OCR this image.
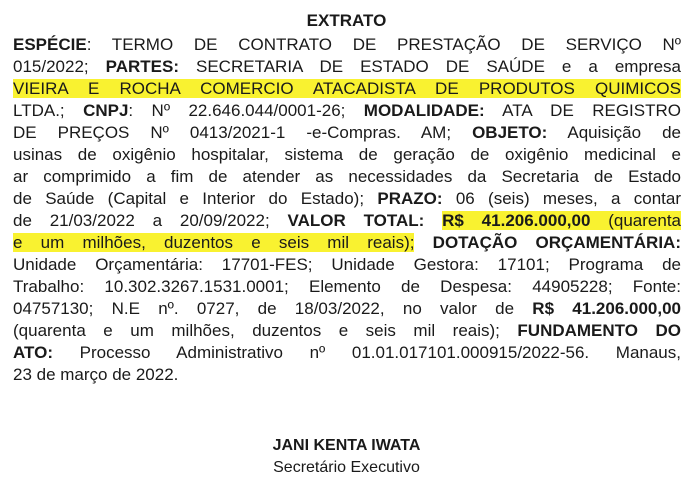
EXTRATO
ESPÉCIE: TERMO DE CONTRATO DE PRESTAÇÃO DE SERVIÇO Nº
015/2022; PARTES: SECRETARIA DE ESTADO DE SAÚDE e a empresa
VIEIRA E ROCHA COMERCIO ATACADISTA DE PRODUTOS QUIMICOS
LTDA.; CNPJ: Nº 22.646.044/0001-26; MODALIDADE: ATA DE REGISTRO
DE PREÇOS Nº 0413/2021-1 -e-Compras. AM; OBJETO: Aquisição de
usinas de oxigênio hospitalar, sistema de geração de oxigênio medicinal e
ar comprimido a fim de atender as necessidades da Secretaria de Estado
de Saúde (Capital e Interior do Estado); PRAZO: 06 (seis) meses, a contar
de 21/03/2022 a 20/09/2022; VALOR TOTAL: R$ 41.206.000,00 (quarenta
e um milhões, duzentos e seis mil reais); DOTAÇÃO ORÇAMENTÁRIA:
Unidade Orçamentária: 17701-FES; Unidade Gestora: 17101; Programa de
Trabalho: 10.302.3267.1531.0001; Elemento de Despesa: 44905228; Fonte:
04757130; N.E nº. 0727, de 18/03/2022, no valor de R$ 41.206.000,00
(quarenta e um milhões, duzentos e seis mil reais); FUNDAMENTO DO
ATO: Processo Administrativo nº 01.01.017101.000915/2022-56. Manaus,
23 de março de 2022.
JANI KENTA IWATA
Secretário Executivo
